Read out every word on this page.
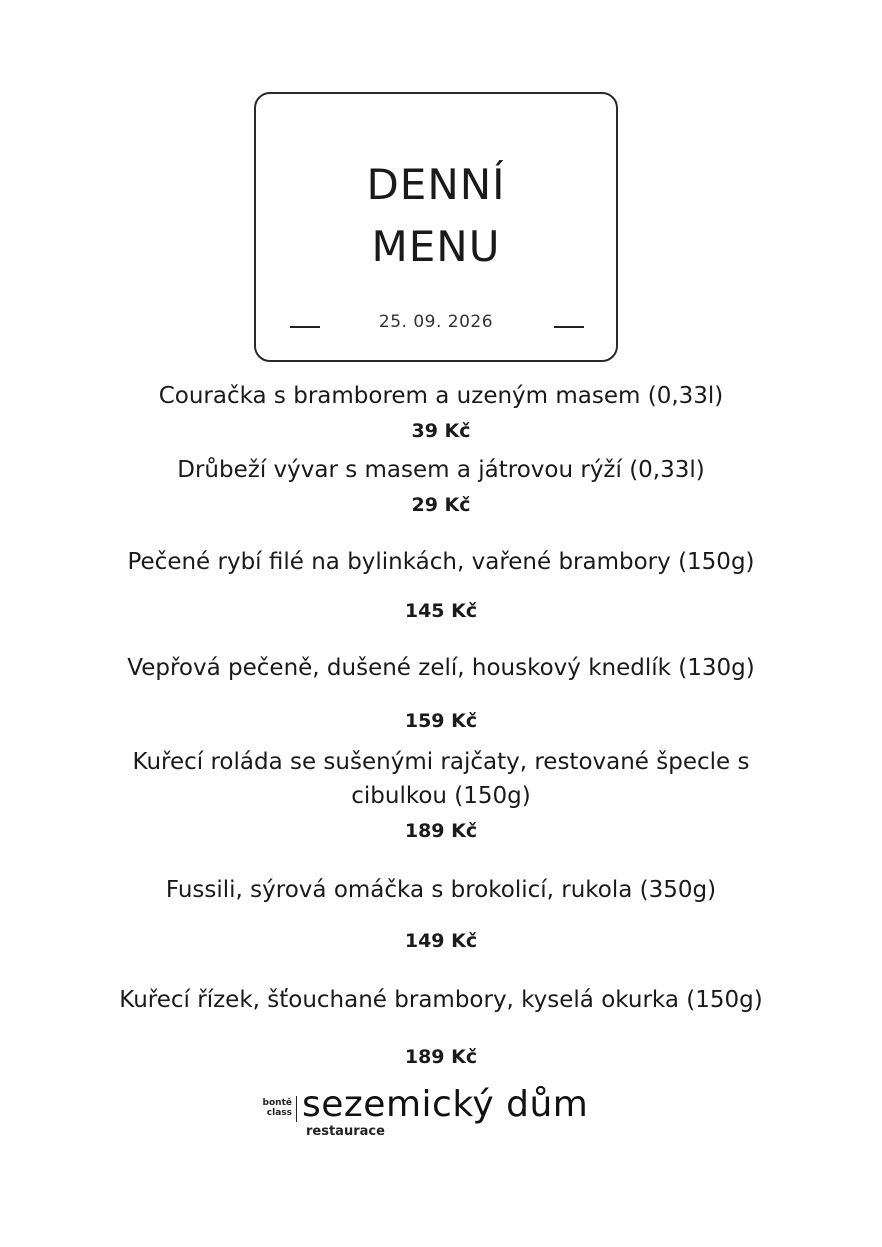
DENNÍ
MENU
25. 09. 2026
Couračka s bramborem a uzeným masem (0,33l)
39 Kč
Drůbeží vývar s masem a játrovou rýží (0,33l)
29 Kč
Pečené rybí filé na bylinkách, vařené brambory (150g)
145 Kč
Vepřová pečeně, dušené zelí, houskový knedlík (130g)
159 Kč
Kuřecí roláda se sušenými rajčaty, restované špecle s
cibulkou (150g)
189 Kč
Fussili, sýrová omáčka s brokolicí, rukola (350g)
149 Kč
Kuřecí řízek, šťouchané brambory, kyselá okurka (150g)
189 Kč
bontě
class sezemický dům
restaurace
